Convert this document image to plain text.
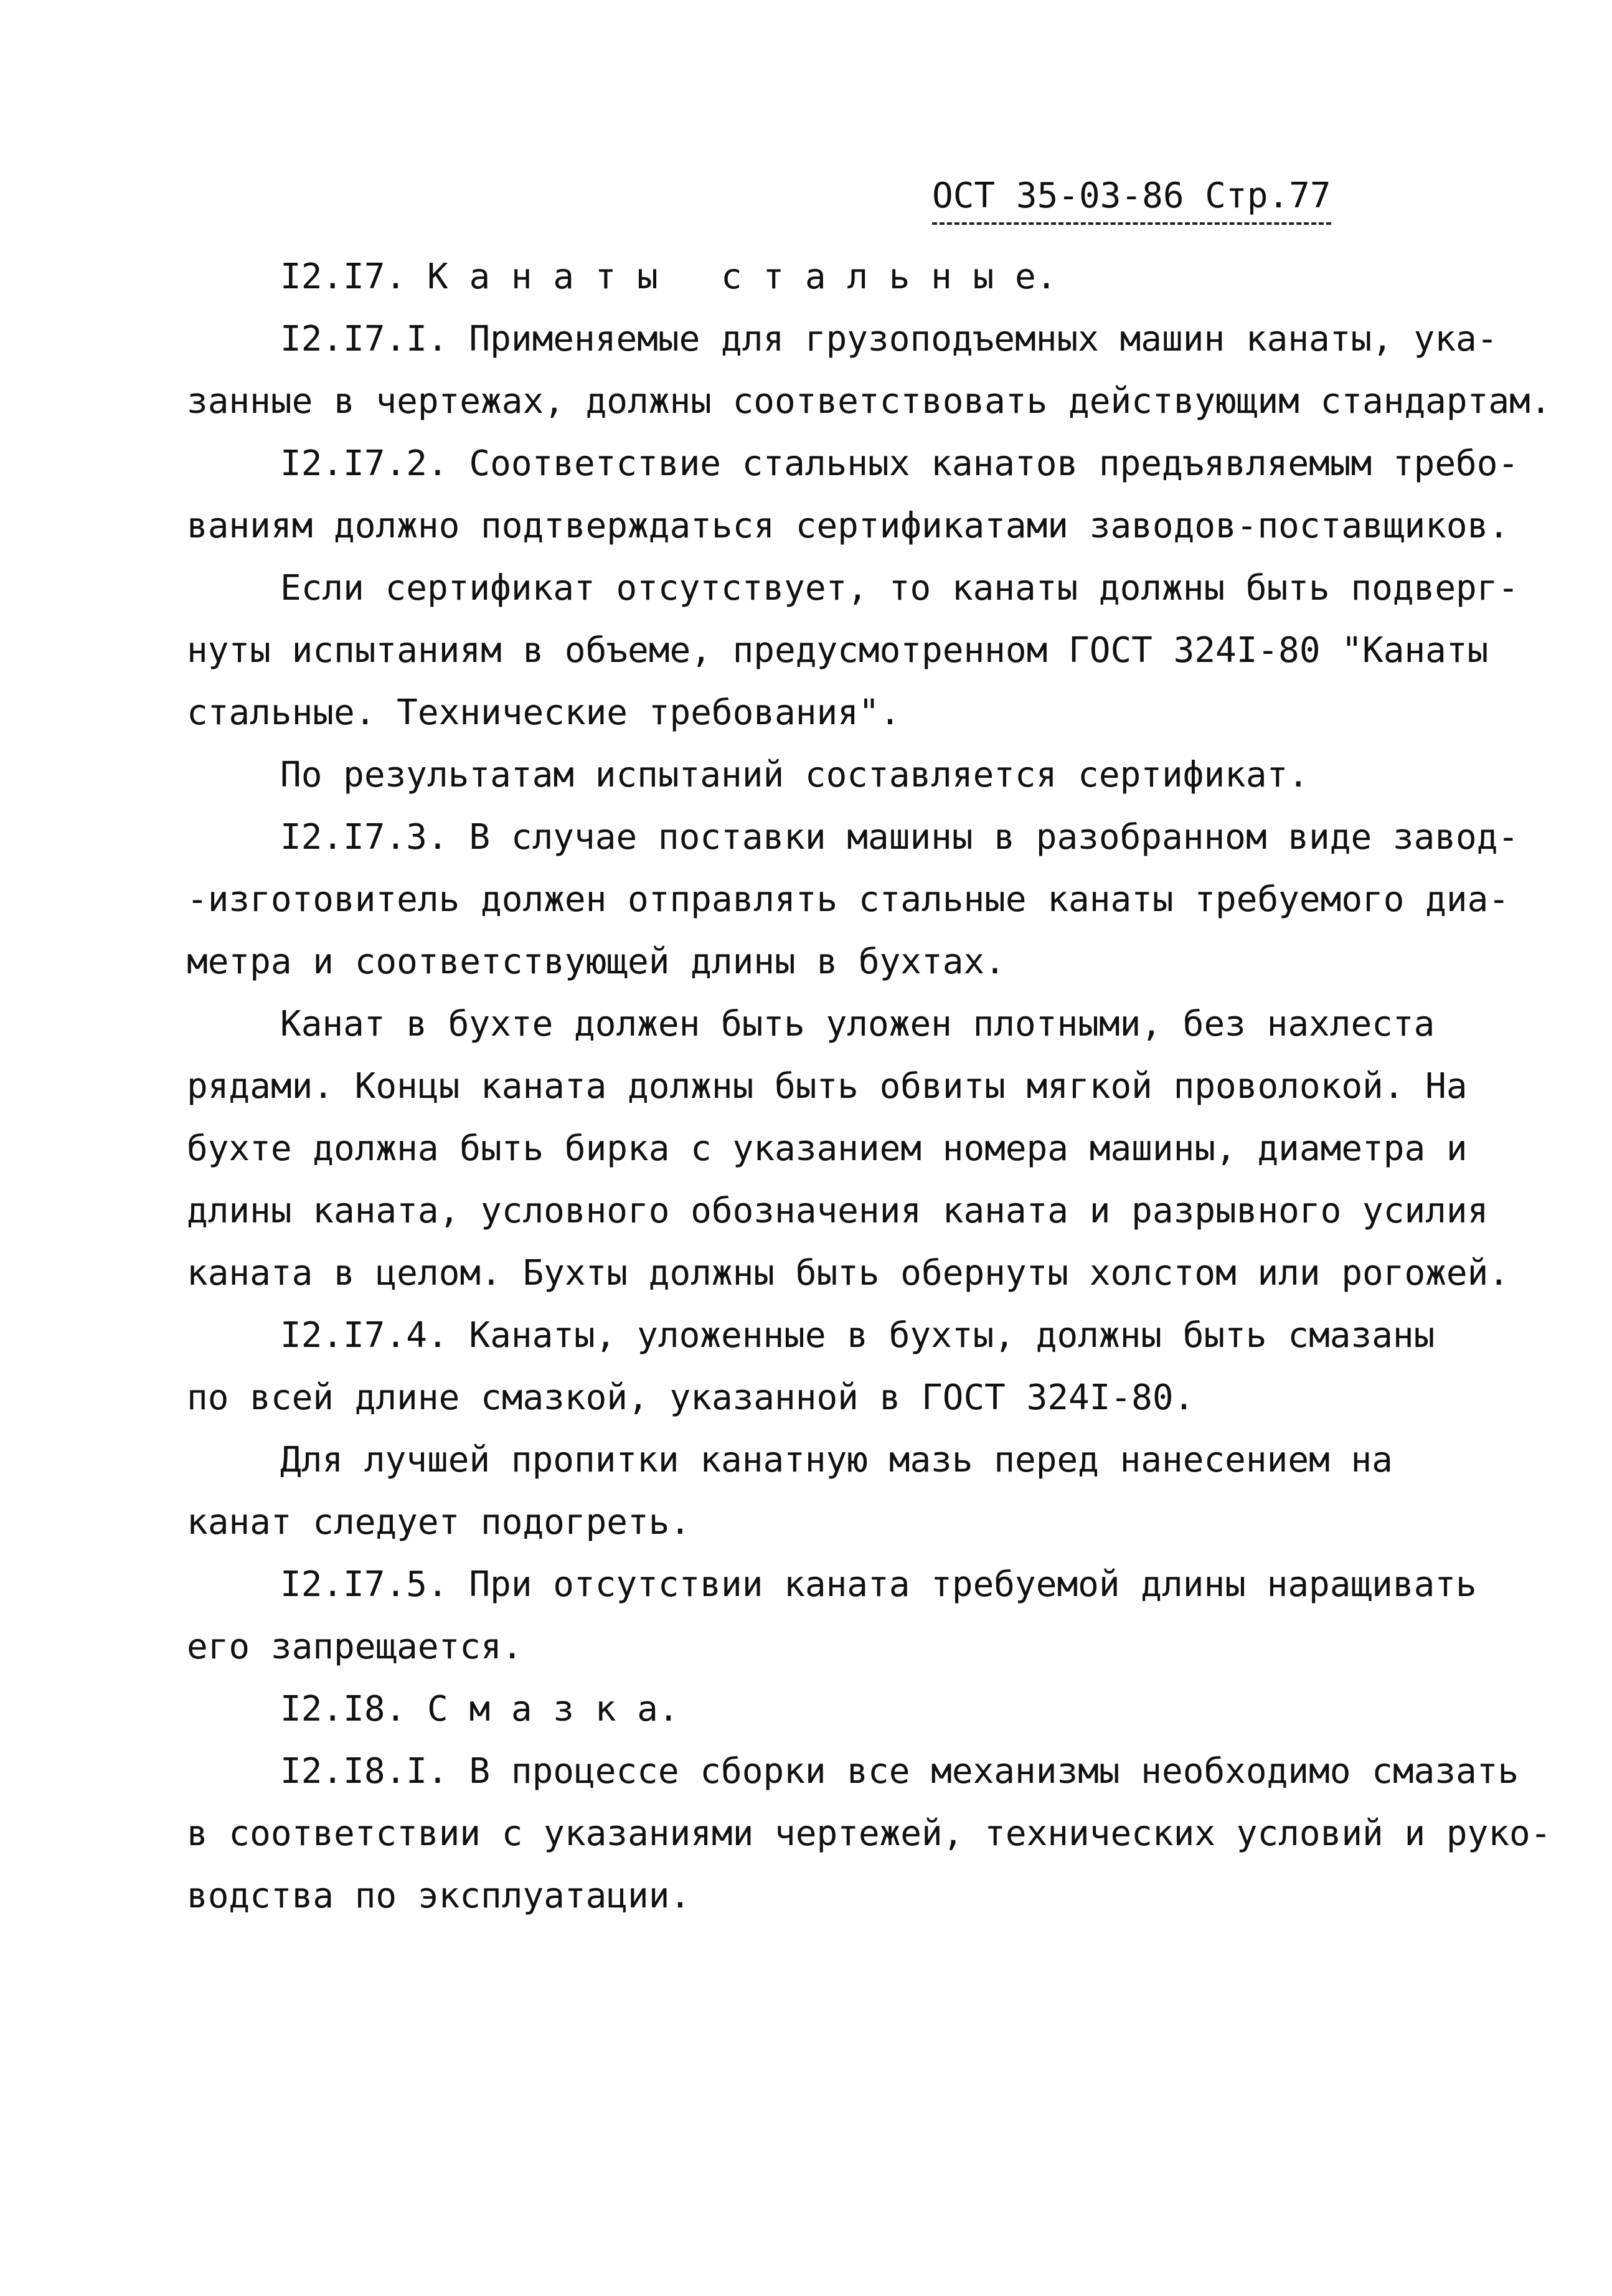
ОСТ 35-03-86 Стр.77
I2.I7. К а н а т ы   с т а л ь н ы е.
I2.I7.I. Применяемые для грузоподъемных машин канаты, ука-
занные в чертежах, должны соответствовать действующим стандартам.
I2.I7.2. Соответствие стальных канатов предъявляемым требо-
ваниям должно подтверждаться сертификатами заводов-поставщиков.
Если сертификат отсутствует, то канаты должны быть подверг-
нуты испытаниям в объеме, предусмотренном ГОСТ 324I-80 "Канаты
стальные. Технические требования".
По результатам испытаний составляется сертификат.
I2.I7.3. В случае поставки машины в разобранном виде завод-
-изготовитель должен отправлять стальные канаты требуемого диа-
метра и соответствующей длины в бухтах.
Канат в бухте должен быть уложен плотными, без нахлеста
рядами. Концы каната должны быть обвиты мягкой проволокой. На
бухте должна быть бирка с указанием номера машины, диаметра и
длины каната, условного обозначения каната и разрывного усилия
каната в целом. Бухты должны быть обернуты холстом или рогожей.
I2.I7.4. Канаты, уложенные в бухты, должны быть смазаны
по всей длине смазкой, указанной в ГОСТ 324I-80.
Для лучшей пропитки канатную мазь перед нанесением на
канат следует подогреть.
I2.I7.5. При отсутствии каната требуемой длины наращивать
его запрещается.
I2.I8. С м а з к а.
I2.I8.I. В процессе сборки все механизмы необходимо смазать
в соответствии с указаниями чертежей, технических условий и руко-
водства по эксплуатации.
